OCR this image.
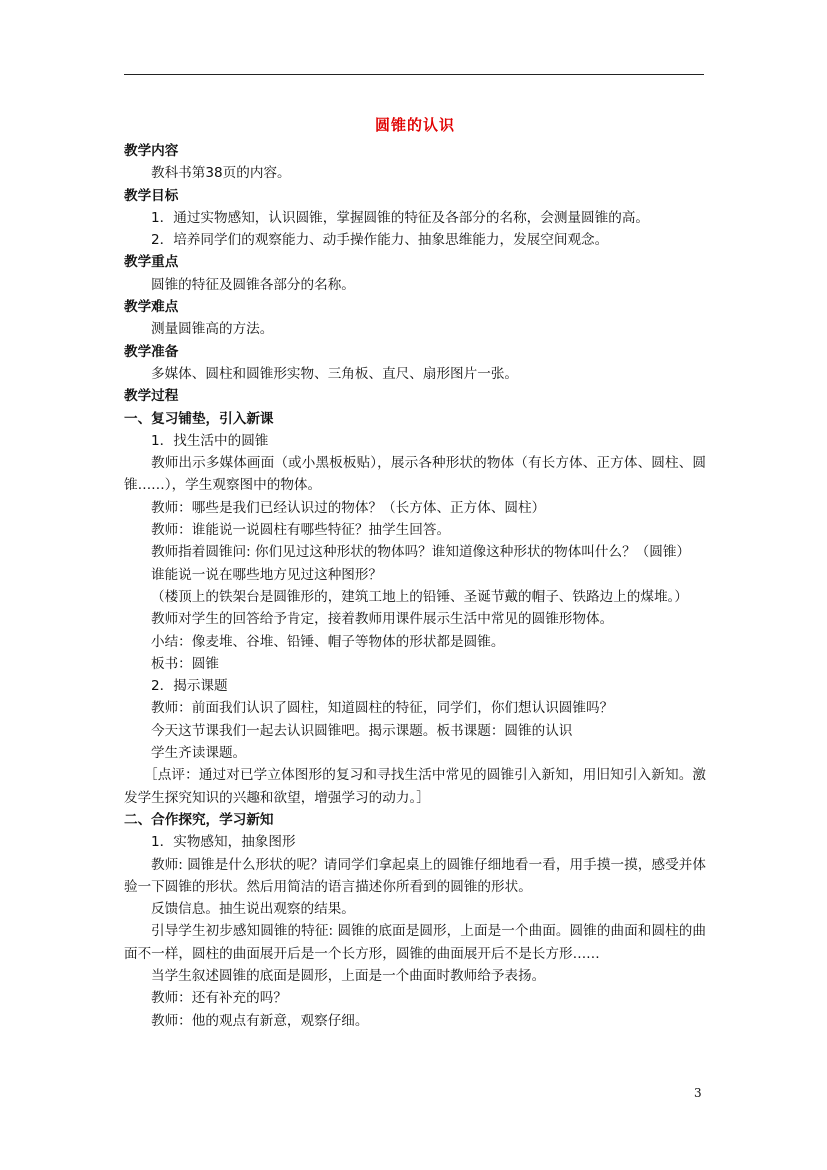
圆锥的认识
教学内容
教科书第38页的内容。
教学目标
1．通过实物感知，认识圆锥，掌握圆锥的特征及各部分的名称，会测量圆锥的高。
2．培养同学们的观察能力、动手操作能力、抽象思维能力，发展空间观念。
教学重点
圆锥的特征及圆锥各部分的名称。
教学难点
测量圆锥高的方法。
教学准备
多媒体、圆柱和圆锥形实物、三角板、直尺、扇形图片一张。
教学过程
一、复习铺垫，引入新课
1．找生活中的圆锥
教师出示多媒体画面（或小黑板板贴），展示各种形状的物体（有长方体、正方体、圆柱、圆锥……），学生观察图中的物体。
教师：哪些是我们已经认识过的物体？（长方体、正方体、圆柱）
教师：谁能说一说圆柱有哪些特征？抽学生回答。
教师指着圆锥问: 你们见过这种形状的物体吗？谁知道像这种形状的物体叫什么？（圆锥）
谁能说一说在哪些地方见过这种图形？
（楼顶上的铁架台是圆锥形的，建筑工地上的铅锤、圣诞节戴的帽子、铁路边上的煤堆。）
教师对学生的回答给予肯定，接着教师用课件展示生活中常见的圆锥形物体。
小结：像麦堆、谷堆、铅锤、帽子等物体的形状都是圆锥。
板书：圆锥
2．揭示课题
教师：前面我们认识了圆柱，知道圆柱的特征，同学们，你们想认识圆锥吗？
今天这节课我们一起去认识圆锥吧。揭示课题。板书课题：圆锥的认识
学生齐读课题。
［点评：通过对已学立体图形的复习和寻找生活中常见的圆锥引入新知，用旧知引入新知。激发学生探究知识的兴趣和欲望，增强学习的动力。］
二、合作探究，学习新知
1．实物感知，抽象图形
教师: 圆锥是什么形状的呢？请同学们拿起桌上的圆锥仔细地看一看，用手摸一摸，感受并体验一下圆锥的形状。然后用简洁的语言描述你所看到的圆锥的形状。
反馈信息。抽生说出观察的结果。
引导学生初步感知圆锥的特征: 圆锥的底面是圆形，上面是一个曲面。圆锥的曲面和圆柱的曲面不一样，圆柱的曲面展开后是一个长方形，圆锥的曲面展开后不是长方形……
当学生叙述圆锥的底面是圆形，上面是一个曲面时教师给予表扬。
教师：还有补充的吗？
教师：他的观点有新意，观察仔细。
3
